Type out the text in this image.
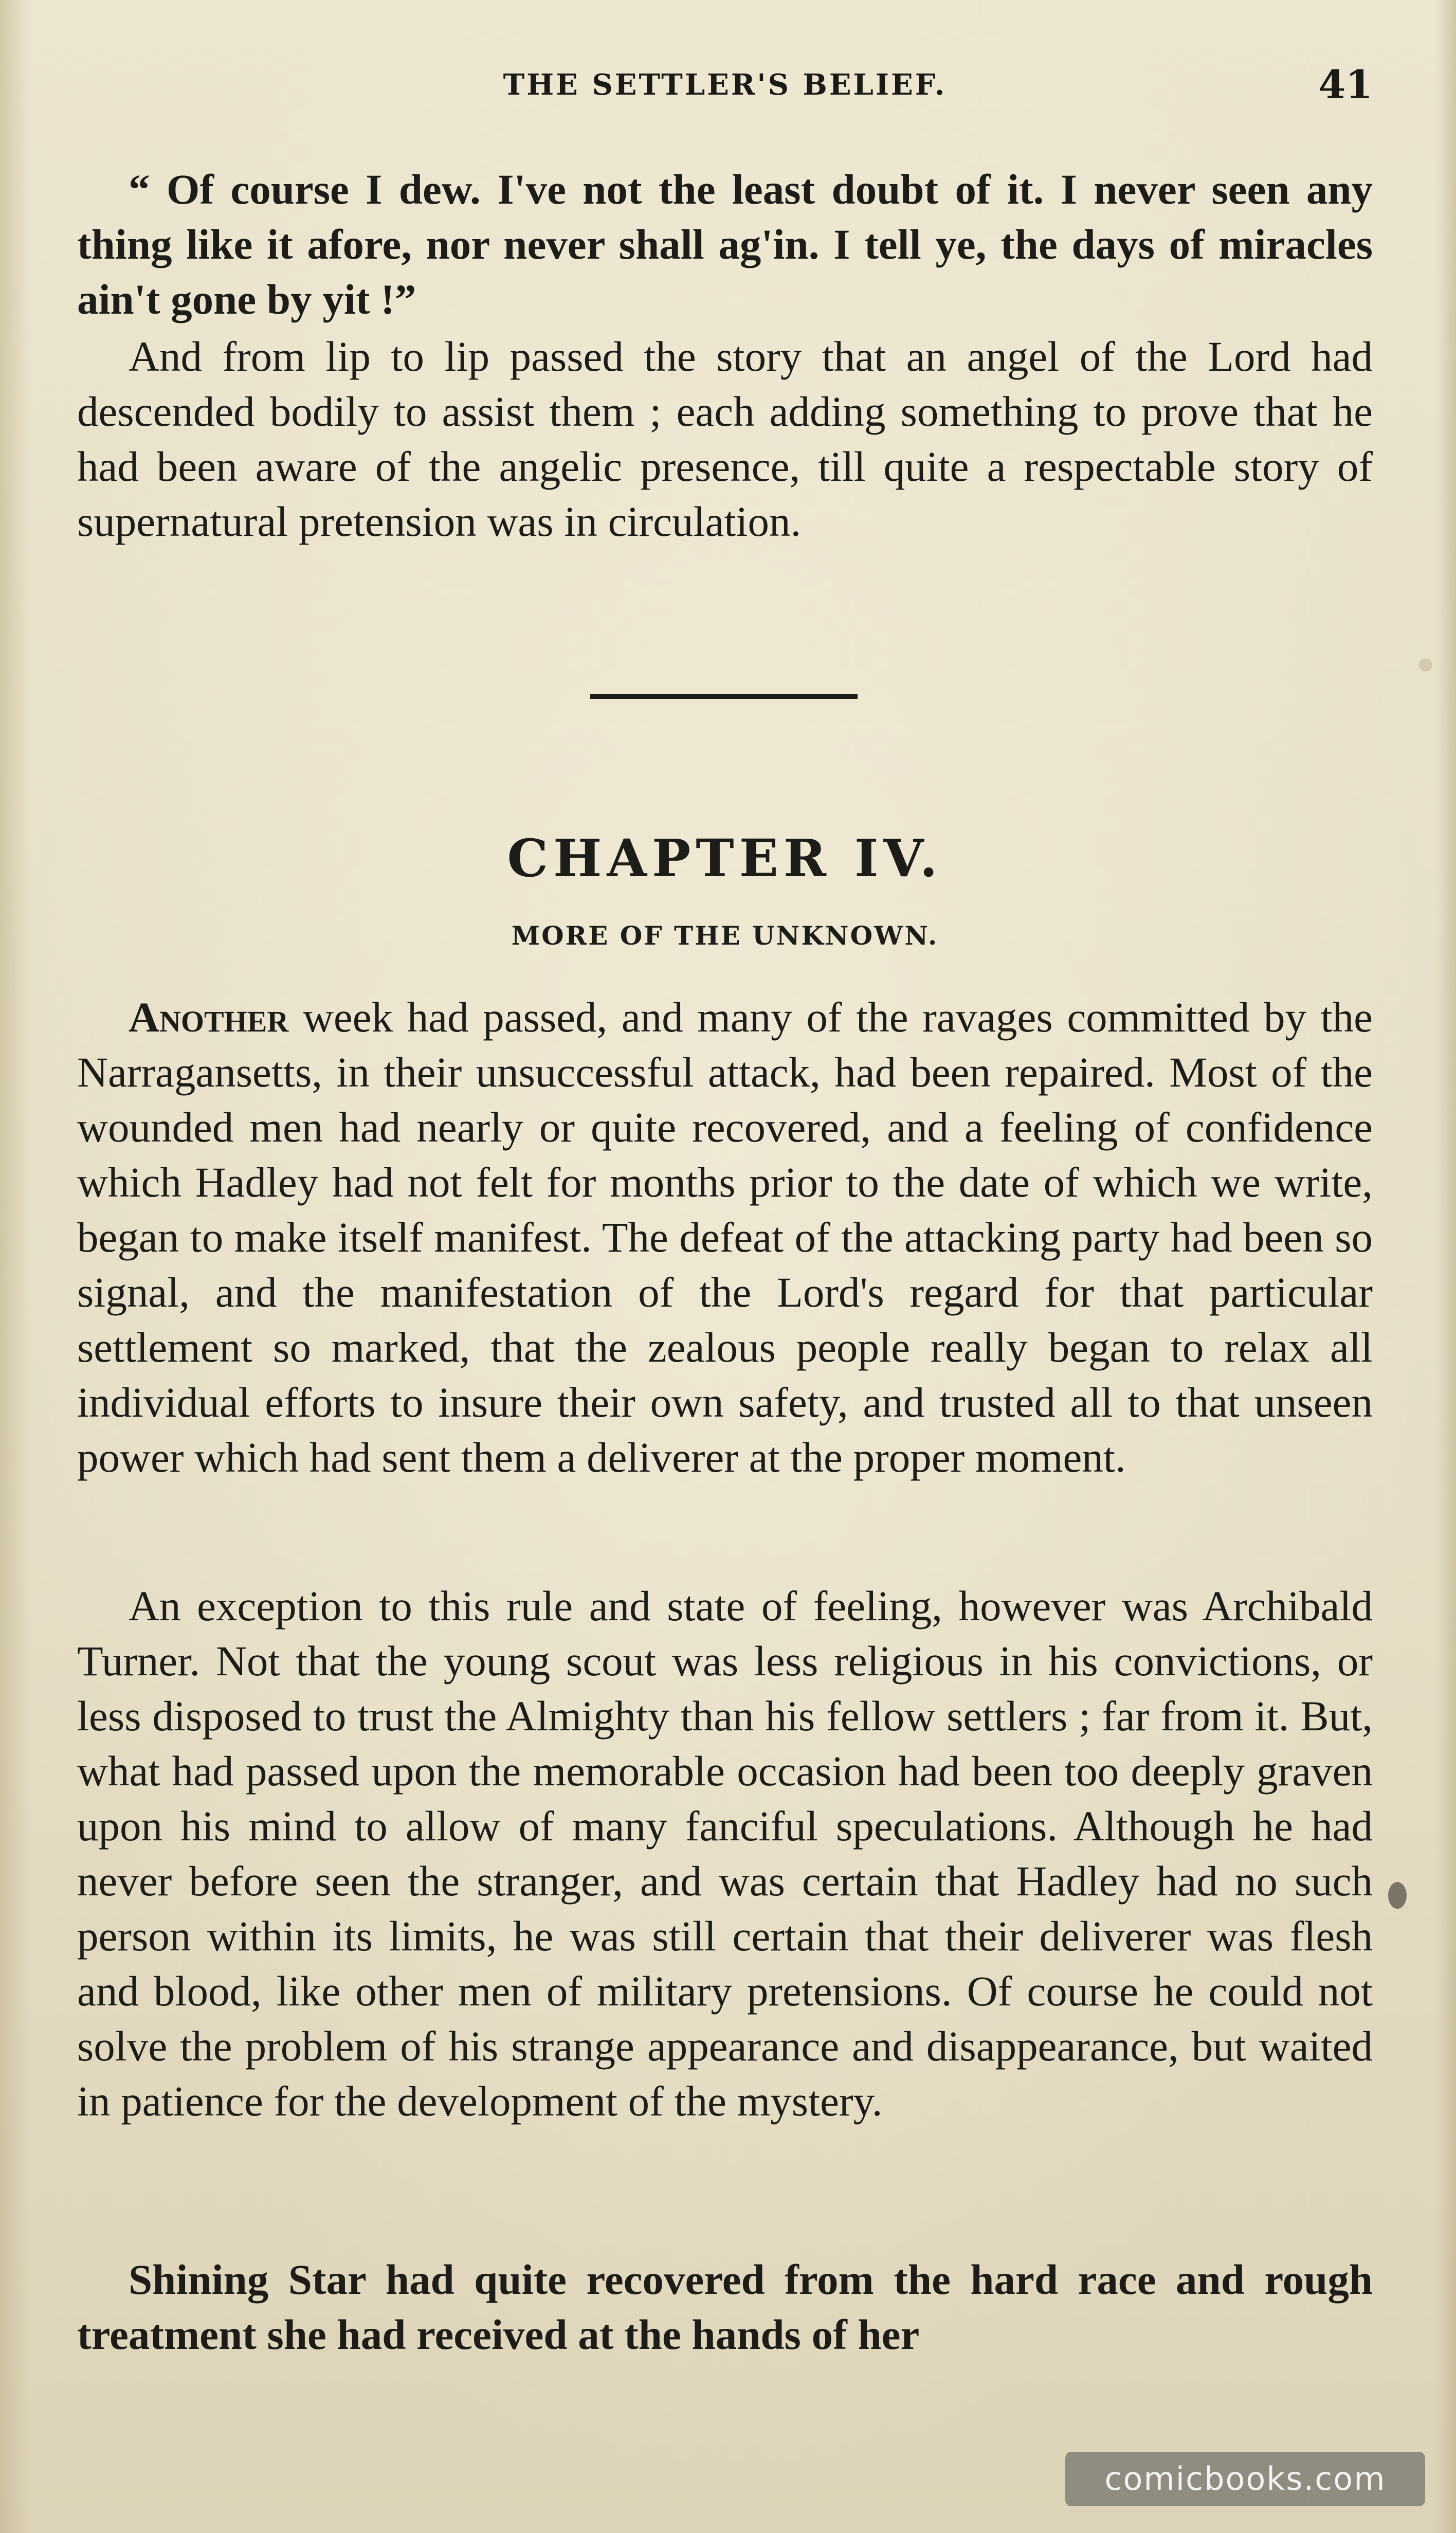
THE SETTLER'S BELIEF.	41

“ Of course I dew. I've not the least doubt of it. I never seen any thing like it afore, nor never shall ag'in. I tell ye, the days of miracles ain't gone by yit !”

And from lip to lip passed the story that an angel of the Lord had descended bodily to assist them ; each adding something to prove that he had been aware of the angelic presence, till quite a respectable story of supernatural pretension was in circulation.

CHAPTER IV.
MORE OF THE UNKNOWN.

Another week had passed, and many of the ravages committed by the Narragansetts, in their unsuccessful attack, had been repaired. Most of the wounded men had nearly or quite recovered, and a feeling of confidence which Hadley had not felt for months prior to the date of which we write, began to make itself manifest. The defeat of the attacking party had been so signal, and the manifestation of the Lord's regard for that particular settlement so marked, that the zealous people really began to relax all individual efforts to insure their own safety, and trusted all to that unseen power which had sent them a deliverer at the proper moment.

An exception to this rule and state of feeling, however was Archibald Turner. Not that the young scout was less religious in his convictions, or less disposed to trust the Almighty than his fellow settlers ; far from it. But, what had passed upon the memorable occasion had been too deeply graven upon his mind to allow of many fanciful speculations. Although he had never before seen the stranger, and was certain that Hadley had no such person within its limits, he was still certain that their deliverer was flesh and blood, like other men of military pretensions. Of course he could not solve the problem of his strange appearance and disappearance, but waited in patience for the development of the mystery.

Shining Star had quite recovered from the hard race and rough treatment she had received at the hands of her

comicbooks.com
